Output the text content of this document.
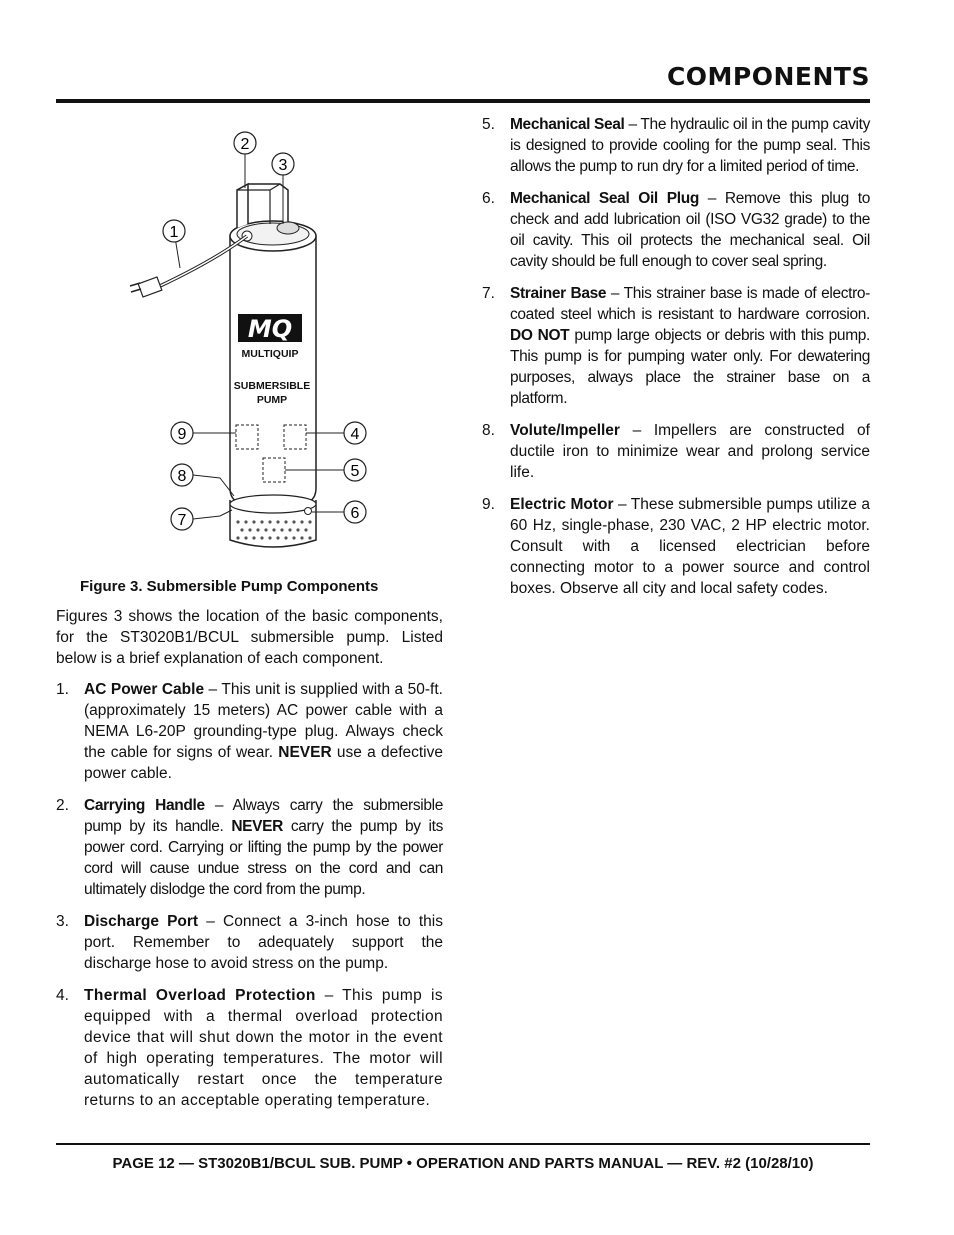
COMPONENTS
MQ
MULTIQUIP
SUBMERSIBLE
PUMP
2
3
1
4
5
6
9
8
7
Figure 3. Submersible Pump Components
Figures 3 shows the location of the basic components, for the ST3020B1/BCUL submersible pump. Listed below is a brief explanation of each component.
1. AC Power Cable – This unit is supplied with a 50-ft. (approximately 15 meters) AC power cable with a NEMA L6-20P grounding-type plug. Always check the cable for signs of wear. NEVER use a defective power cable.
2. Carrying Handle – Always carry the submersible pump by its handle. NEVER carry the pump by its power cord. Carrying or lifting the pump by the power cord will cause undue stress on the cord and can ultimately dislodge the cord from the pump.
3. Discharge Port – Connect a 3-inch hose to this port. Remember to adequately support the discharge hose to avoid stress on the pump.
4. Thermal Overload Protection – This pump is equipped with a thermal overload protection device that will shut down the motor in the event of high operating temperatures. The motor will automatically restart once the temperature returns to an acceptable operating temperature.
5. Mechanical Seal – The hydraulic oil in the pump cavity is designed to provide cooling for the pump seal. This allows the pump to run dry for a limited period of time.
6. Mechanical Seal Oil Plug – Remove this plug to check and add lubrication oil (ISO VG32 grade) to the oil cavity. This oil protects the mechanical seal. Oil cavity should be full enough to cover seal spring.
7. Strainer Base – This strainer base is made of electro-coated steel which is resistant to hardware corrosion. DO NOT pump large objects or debris with this pump. This pump is for pumping water only. For dewatering purposes, always place the strainer base on a platform.
8. Volute/Impeller – Impellers are constructed of ductile iron to minimize wear and prolong service life.
9. Electric Motor – These submersible pumps utilize a 60 Hz, single-phase, 230 VAC, 2 HP electric motor. Consult with a licensed electrician before connecting motor to a power source and control boxes. Observe all city and local safety codes.
PAGE 12 — ST3020B1/BCUL SUB. PUMP • OPERATION AND PARTS MANUAL — REV. #2 (10/28/10)
